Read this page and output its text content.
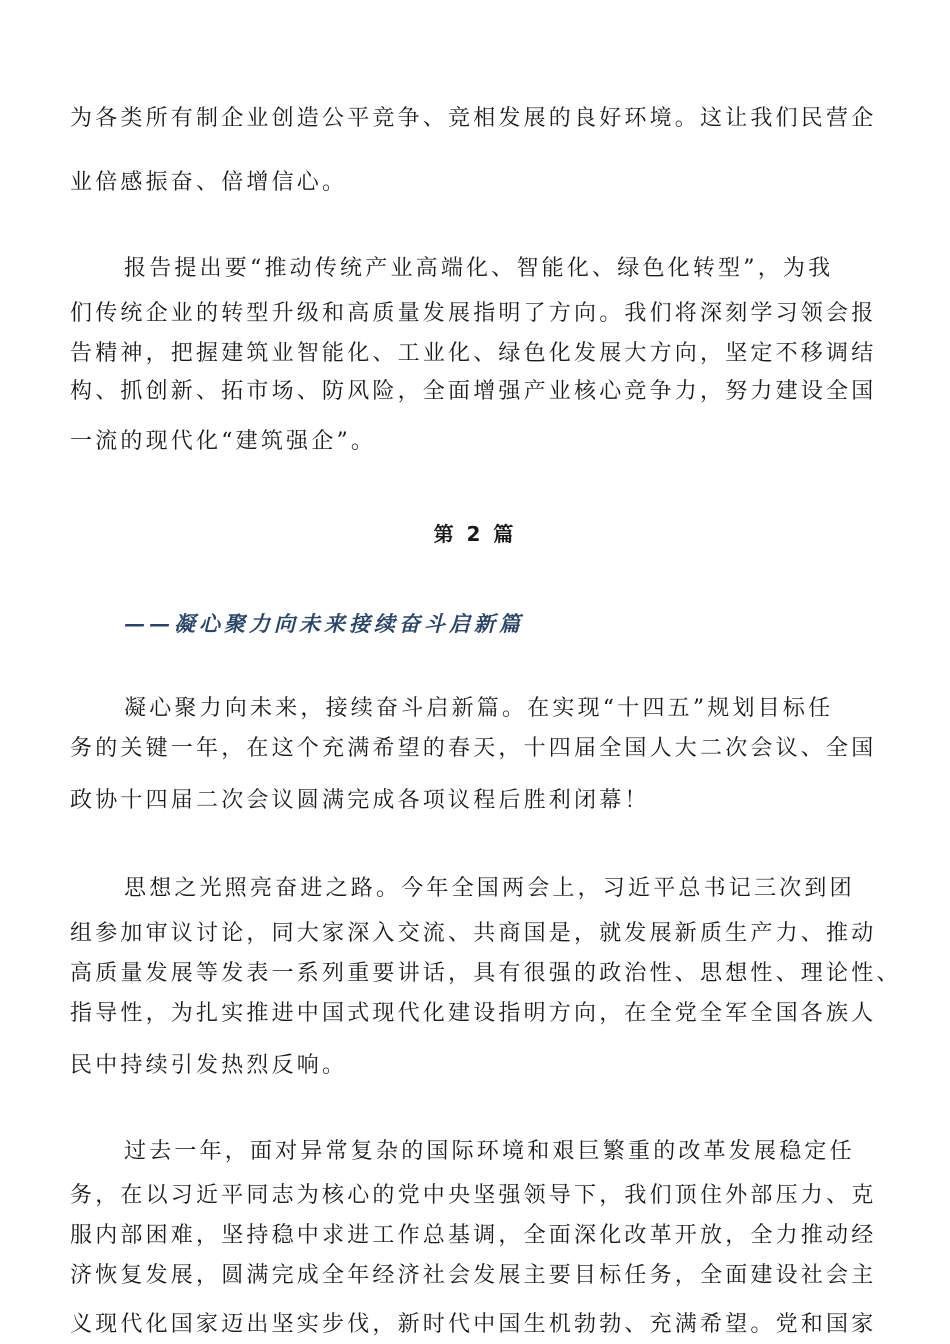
为各类所有制企业创造公平竞争、竞相发展的良好环境。这让我们民营企
业倍感振奋、倍增信心。
报告提出要“推动传统产业高端化、智能化、绿色化转型”，为我
们传统企业的转型升级和高质量发展指明了方向。我们将深刻学习领会报
告精神，把握建筑业智能化、工业化、绿色化发展大方向，坚定不移调结
构、抓创新、拓市场、防风险，全面增强产业核心竞争力，努力建设全国
一流的现代化“建筑强企”。
第 2 篇
——凝心聚力向未来接续奋斗启新篇
凝心聚力向未来，接续奋斗启新篇。在实现“十四五”规划目标任
务的关键一年，在这个充满希望的春天，十四届全国人大二次会议、全国
政协十四届二次会议圆满完成各项议程后胜利闭幕！
思想之光照亮奋进之路。今年全国两会上，习近平总书记三次到团
组参加审议讨论，同大家深入交流、共商国是，就发展新质生产力、推动
高质量发展等发表一系列重要讲话，具有很强的政治性、思想性、理论性、
指导性，为扎实推进中国式现代化建设指明方向，在全党全军全国各族人
民中持续引发热烈反响。
过去一年，面对异常复杂的国际环境和艰巨繁重的改革发展稳定任
务，在以习近平同志为核心的党中央坚强领导下，我们顶住外部压力、克
服内部困难，坚持稳中求进工作总基调，全面深化改革开放，全力推动经
济恢复发展，圆满完成全年经济社会发展主要目标任务，全面建设社会主
义现代化国家迈出坚实步伐，新时代中国生机勃勃、充满希望。党和国家
